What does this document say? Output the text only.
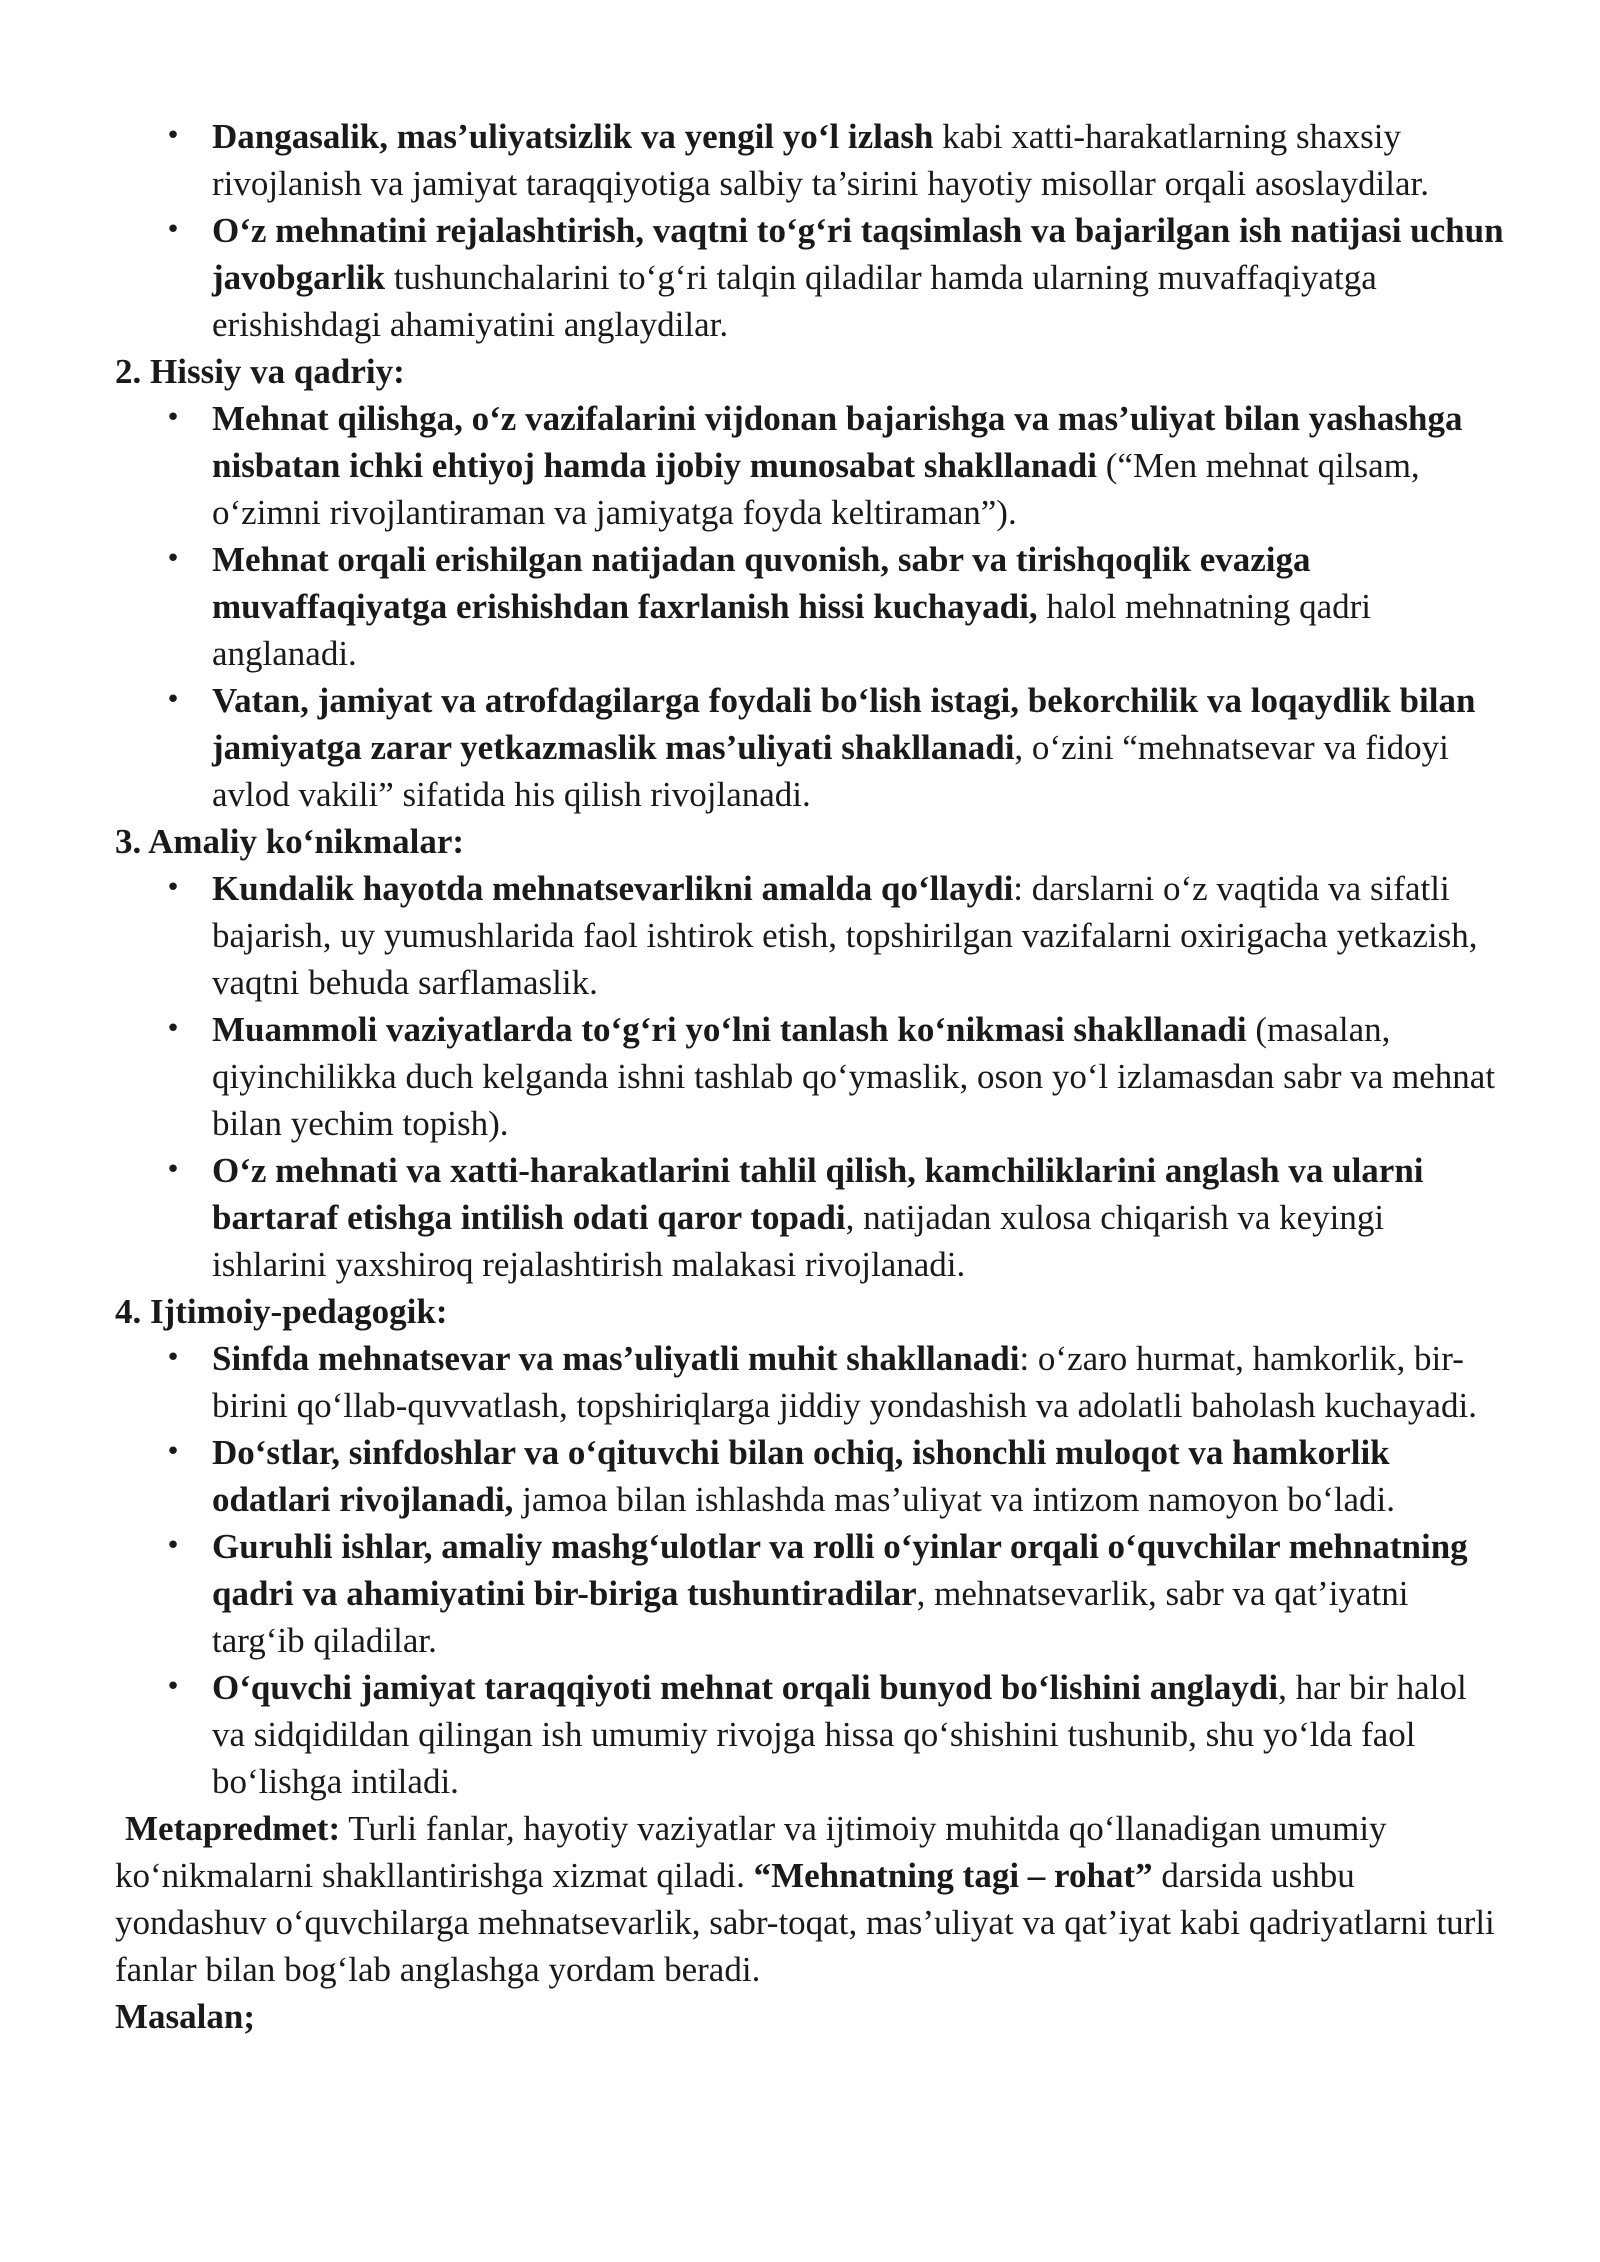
• Dangasalik, mas’uliyatsizlik va yengil yo‘l izlash kabi xatti-harakatlarning shaxsiy rivojlanish va jamiyat taraqqiyotiga salbiy ta’sirini hayotiy misollar orqali asoslaydilar.
• O‘z mehnatini rejalashtirish, vaqtni to‘g‘ri taqsimlash va bajarilgan ish natijasi uchun javobgarlik tushunchalarini to‘g‘ri talqin qiladilar hamda ularning muvaffaqiyatga erishishdagi ahamiyatini anglaydilar.

2. Hissiy va qadriy:

• Mehnat qilishga, o‘z vazifalarini vijdonan bajarishga va mas’uliyat bilan yashashga nisbatan ichki ehtiyoj hamda ijobiy munosabat shakllanadi (“Men mehnat qilsam, o‘zimni rivojlantiraman va jamiyatga foyda keltiraman”).
• Mehnat orqali erishilgan natijadan quvonish, sabr va tirishqoqlik evaziga muvaffaqiyatga erishishdan faxrlanish hissi kuchayadi, halol mehnatning qadri anglanadi.
• Vatan, jamiyat va atrofdagilarga foydali bo‘lish istagi, bekorchilik va loqaydlik bilan jamiyatga zarar yetkazmaslik mas’uliyati shakllanadi, o‘zini “mehnatsevar va fidoyi avlod vakili” sifatida his qilish rivojlanadi.

3. Amaliy ko‘nikmalar:

• Kundalik hayotda mehnatsevarlikni amalda qo‘llaydi: darslarni o‘z vaqtida va sifatli bajarish, uy yumushlarida faol ishtirok etish, topshirilgan vazifalarni oxirigacha yetkazish, vaqtni behuda sarflamaslik.
• Muammoli vaziyatlarda to‘g‘ri yo‘lni tanlash ko‘nikmasi shakllanadi (masalan, qiyinchilikka duch kelganda ishni tashlab qo‘ymaslik, oson yo‘l izlamasdan sabr va mehnat bilan yechim topish).
• O‘z mehnati va xatti-harakatlarini tahlil qilish, kamchiliklarini anglash va ularni bartaraf etishga intilish odati qaror topadi, natijadan xulosa chiqarish va keyingi ishlarini yaxshiroq rejalashtirish malakasi rivojlanadi.

4. Ijtimoiy-pedagogik:

• Sinfda mehnatsevar va mas’uliyatli muhit shakllanadi: o‘zaro hurmat, hamkorlik, bir-birini qo‘llab-quvvatlash, topshiriqlarga jiddiy yondashish va adolatli baholash kuchayadi.
• Do‘stlar, sinfdoshlar va o‘qituvchi bilan ochiq, ishonchli muloqot va hamkorlik odatlari rivojlanadi, jamoa bilan ishlashda mas’uliyat va intizom namoyon bo‘ladi.
• Guruhli ishlar, amaliy mashg‘ulotlar va rolli o‘yinlar orqali o‘quvchilar mehnatning qadri va ahamiyatini bir-biriga tushuntiradilar, mehnatsevarlik, sabr va qat’iyatni targ‘ib qiladilar.
• O‘quvchi jamiyat taraqqiyoti mehnat orqali bunyod bo‘lishini anglaydi, har bir halol va sidqidildan qilingan ish umumiy rivojga hissa qo‘shishini tushunib, shu yo‘lda faol bo‘lishga intiladi.

Metapredmet: Turli fanlar, hayotiy vaziyatlar va ijtimoiy muhitda qo‘llanadigan umumiy ko‘nikmalarni shakllantirishga xizmat qiladi. “Mehnatning tagi – rohat” darsida ushbu yondashuv o‘quvchilarga mehnatsevarlik, sabr-toqat, mas’uliyat va qat’iyat kabi qadriyatlarni turli fanlar bilan bog‘lab anglashga yordam beradi.

Masalan;
